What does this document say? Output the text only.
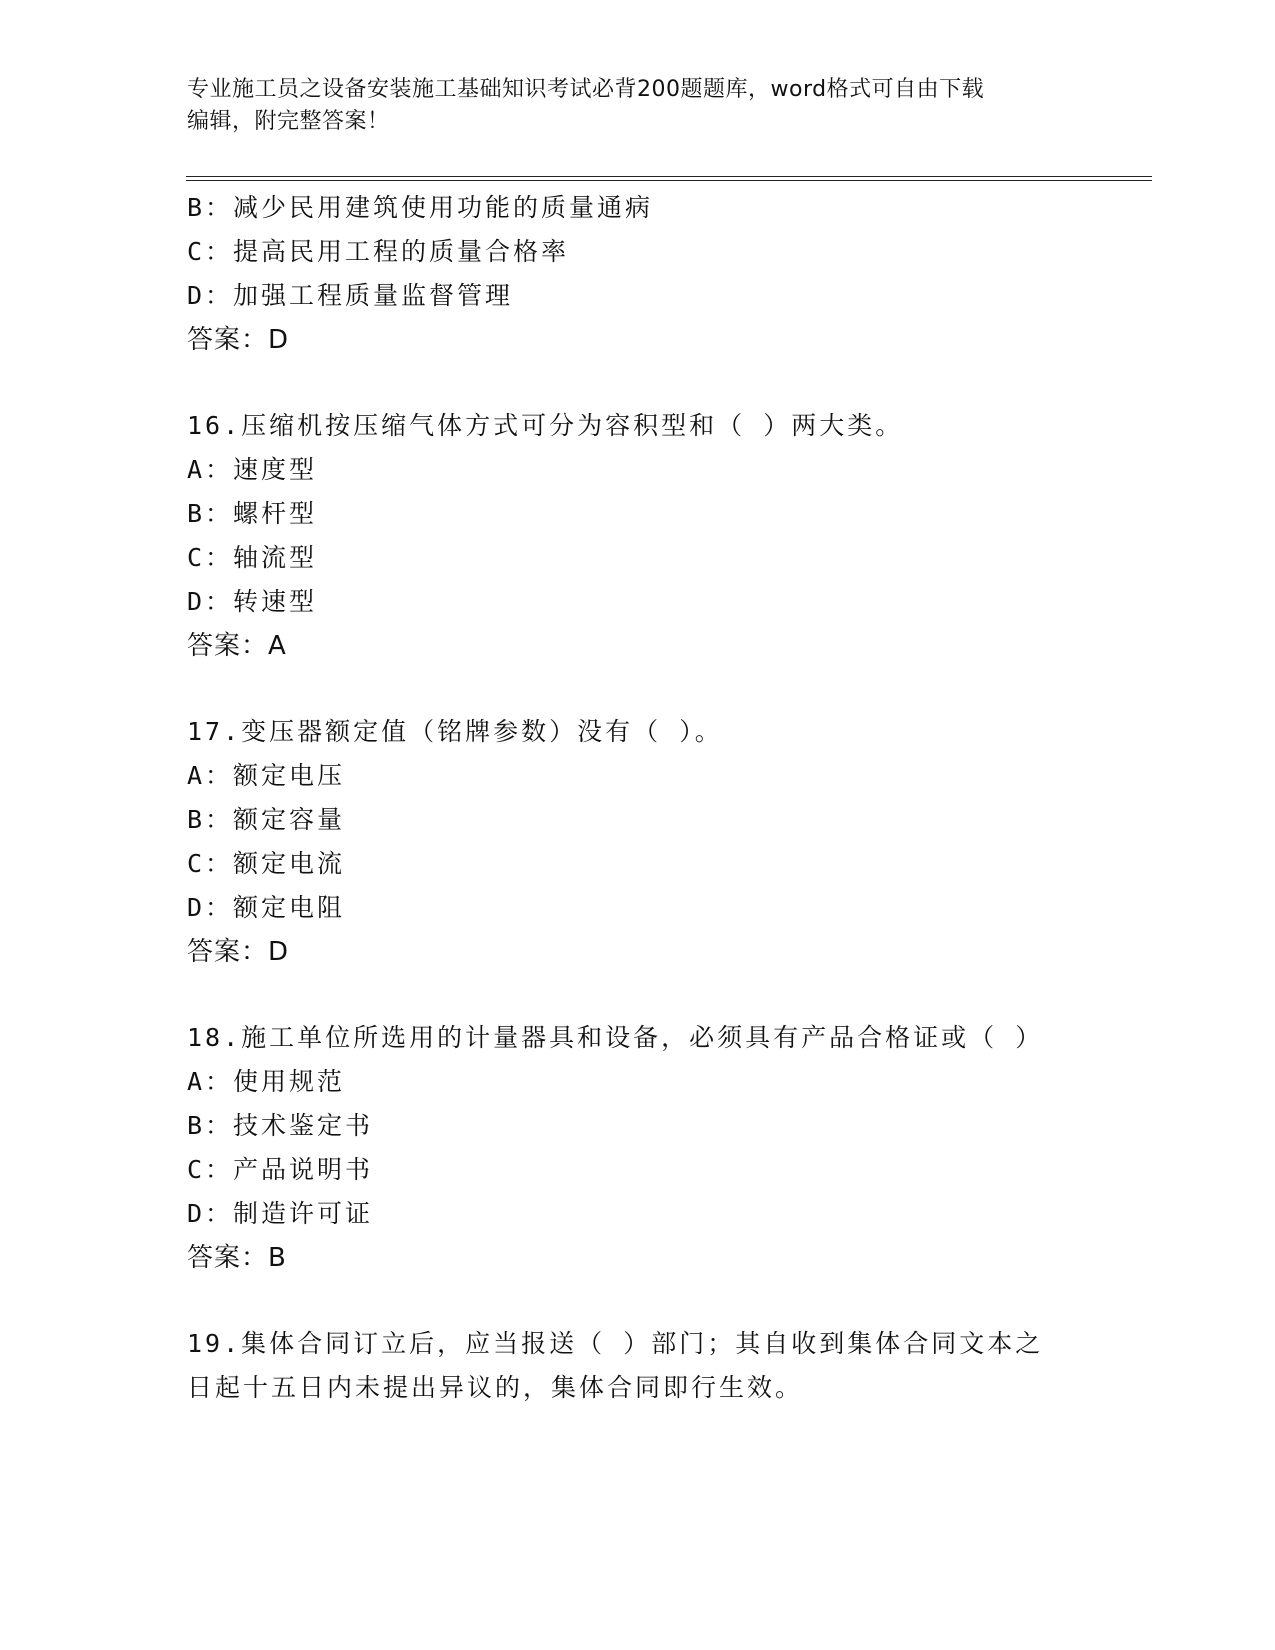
专业施工员之设备安装施工基础知识考试必背200题题库，word格式可自由下载
编辑，附完整答案！
B：减少民用建筑使用功能的质量通病
C：提高民用工程的质量合格率
D：加强工程质量监督管理
答案：D
16.压缩机按压缩气体方式可分为容积型和（ ）两大类。
A：速度型
B：螺杆型
C：轴流型
D：转速型
答案：A
17.变压器额定值（铭牌参数）没有（ ）。
A：额定电压
B：额定容量
C：额定电流
D：额定电阻
答案：D
18.施工单位所选用的计量器具和设备，必须具有产品合格证或（ ）
A：使用规范
B：技术鉴定书
C：产品说明书
D：制造许可证
答案：B
19.集体合同订立后，应当报送（ ）部门；其自收到集体合同文本之
日起十五日内未提出异议的，集体合同即行生效。
